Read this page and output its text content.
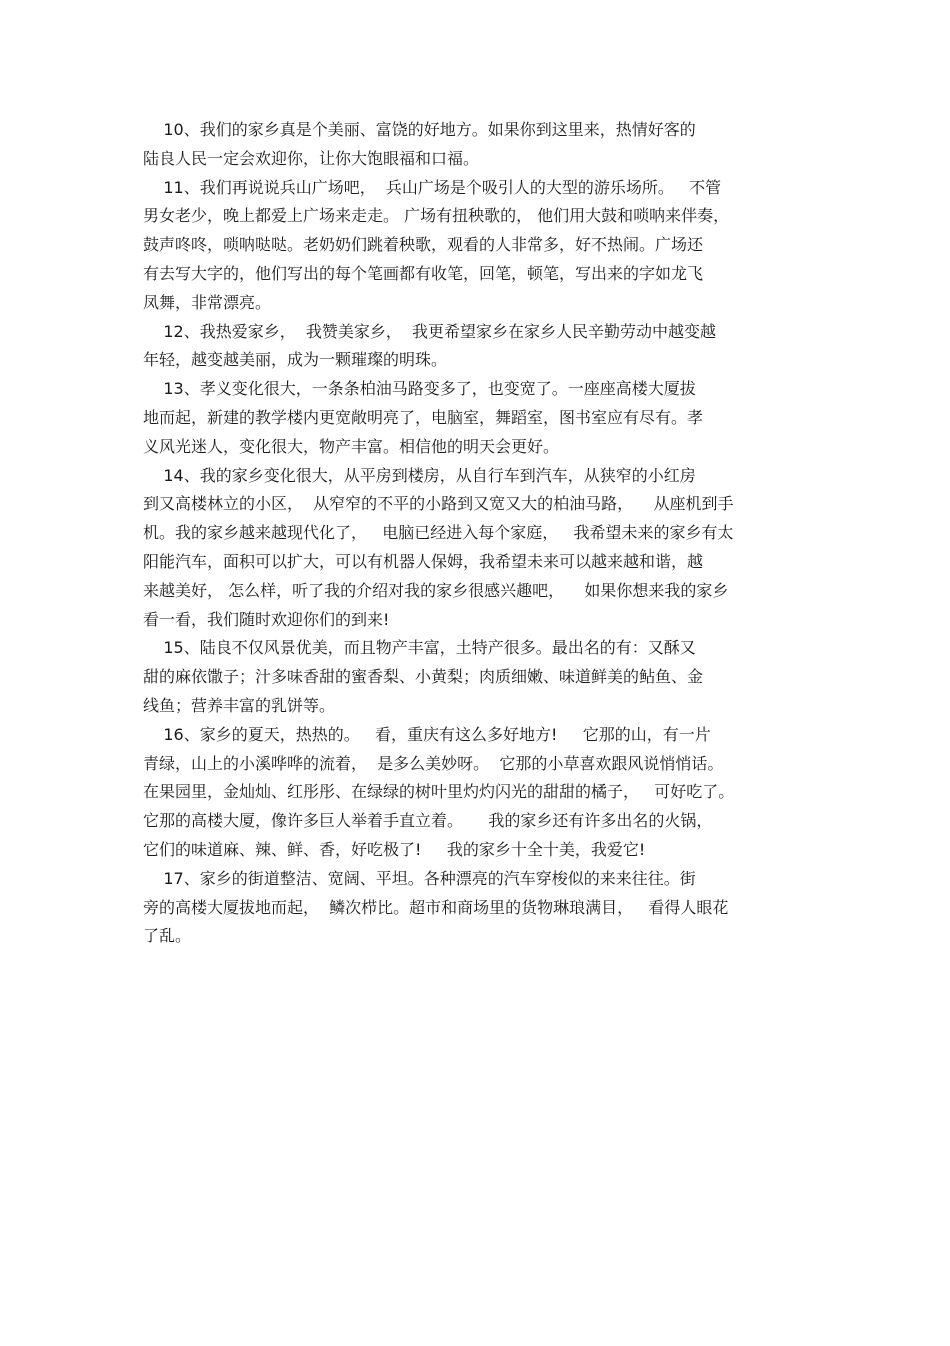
10、我们的家乡真是个美丽、富饶的好地方。如果你到这里来，热情好客的
陆良人民一定会欢迎你，让你大饱眼福和口福。
11、我们再说说兵山广场吧，  兵山广场是个吸引人的大型的游乐场所。   不管
男女老少，晚上都爱上广场来走走。 广场有扭秧歌的， 他们用大鼓和唢呐来伴奏，
鼓声咚咚，唢呐哒哒。老奶奶们跳着秧歌，观看的人非常多，好不热闹。广场还
有去写大字的，他们写出的每个笔画都有收笔，回笔，顿笔，写出来的字如龙飞
凤舞，非常漂亮。
12、我热爱家乡，  我赞美家乡，  我更希望家乡在家乡人民辛勤劳动中越变越
年轻，越变越美丽，成为一颗璀璨的明珠。
13、孝义变化很大，一条条柏油马路变多了，也变宽了。一座座高楼大厦拔
地而起，新建的教学楼内更宽敞明亮了，电脑室，舞蹈室，图书室应有尽有。孝
义风光迷人，变化很大，物产丰富。相信他的明天会更好。
14、我的家乡变化很大，从平房到楼房，从自行车到汽车，从狭窄的小红房
到又高楼林立的小区，  从窄窄的不平的小路到又宽又大的柏油马路，    从座机到手
机。我的家乡越来越现代化了，   电脑已经进入每个家庭，   我希望未来的家乡有太
阳能汽车，面积可以扩大，可以有机器人保姆，我希望未来可以越来越和谐，越
来越美好， 怎么样，听了我的介绍对我的家乡很感兴趣吧，    如果你想来我的家乡
看一看，我们随时欢迎你们的到来!
15、陆良不仅风景优美，而且物产丰富，土特产很多。最出名的有：又酥又
甜的麻依馓子；汁多味香甜的蜜香梨、小黄梨；肉质细嫩、味道鲜美的鲇鱼、金
线鱼；营养丰富的乳饼等。
16、家乡的夏天，热热的。   看，重庆有这么多好地方!     它那的山，有一片
青绿，山上的小溪哗哗的流着，  是多么美妙呀。  它那的小草喜欢跟风说悄悄话。
在果园里，金灿灿、红彤彤、在绿绿的树叶里灼灼闪光的甜甜的橘子，   可好吃了。
它那的高楼大厦，像许多巨人举着手直立着。     我的家乡还有许多出名的火锅，
它们的味道麻、辣、鲜、香，好吃极了!     我的家乡十全十美，我爱它!
17、家乡的街道整洁、宽阔、平坦。各种漂亮的汽车穿梭似的来来往往。街
旁的高楼大厦拔地而起，  鳞次栉比。超市和商场里的货物琳琅满目，   看得人眼花
了乱。
